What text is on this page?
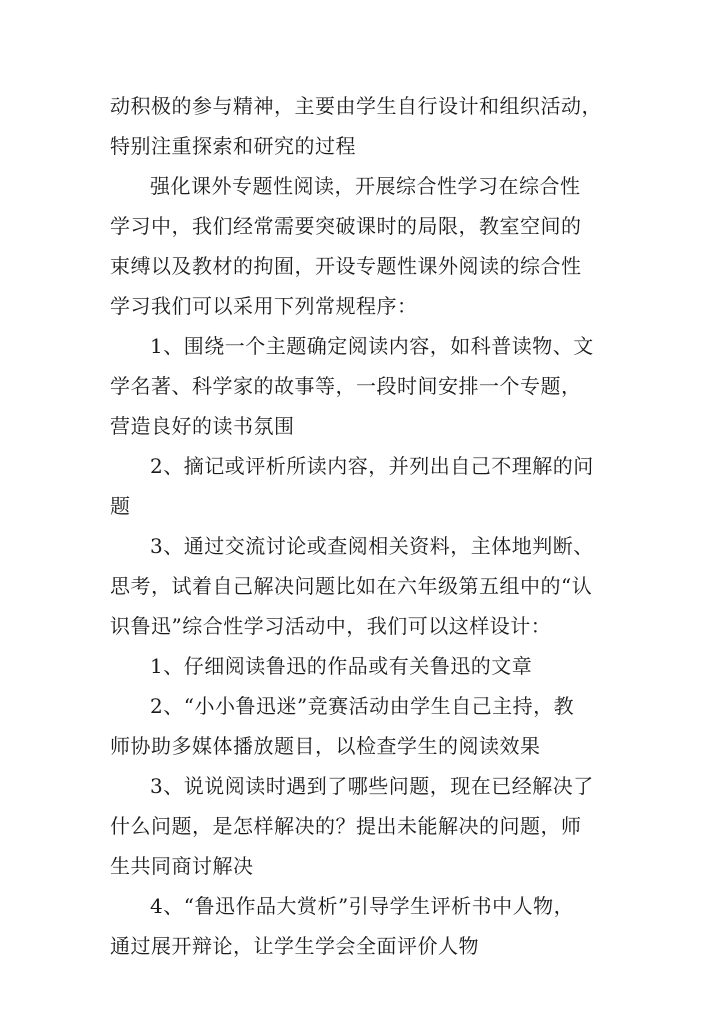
动积极的参与精神，主要由学生自行设计和组织活动，
特别注重探索和研究的过程

强化课外专题性阅读，开展综合性学习在综合性
学习中，我们经常需要突破课时的局限，教室空间的
束缚以及教材的拘囿，开设专题性课外阅读的综合性
学习我们可以采用下列常规程序：

1、围绕一个主题确定阅读内容，如科普读物、文
学名著、科学家的故事等，一段时间安排一个专题，
营造良好的读书氛围

2、摘记或评析所读内容，并列出自己不理解的问
题

3、通过交流讨论或查阅相关资料，主体地判断、
思考，试着自己解决问题比如在六年级第五组中的“认
识鲁迅”综合性学习活动中，我们可以这样设计：

1、仔细阅读鲁迅的作品或有关鲁迅的文章

2、“小小鲁迅迷”竞赛活动由学生自己主持，教
师协助多媒体播放题目，以检查学生的阅读效果

3、说说阅读时遇到了哪些问题，现在已经解决了
什么问题，是怎样解决的？提出未能解决的问题，师
生共同商讨解决

4、“鲁迅作品大赏析”引导学生评析书中人物，
通过展开辩论，让学生学会全面评价人物
